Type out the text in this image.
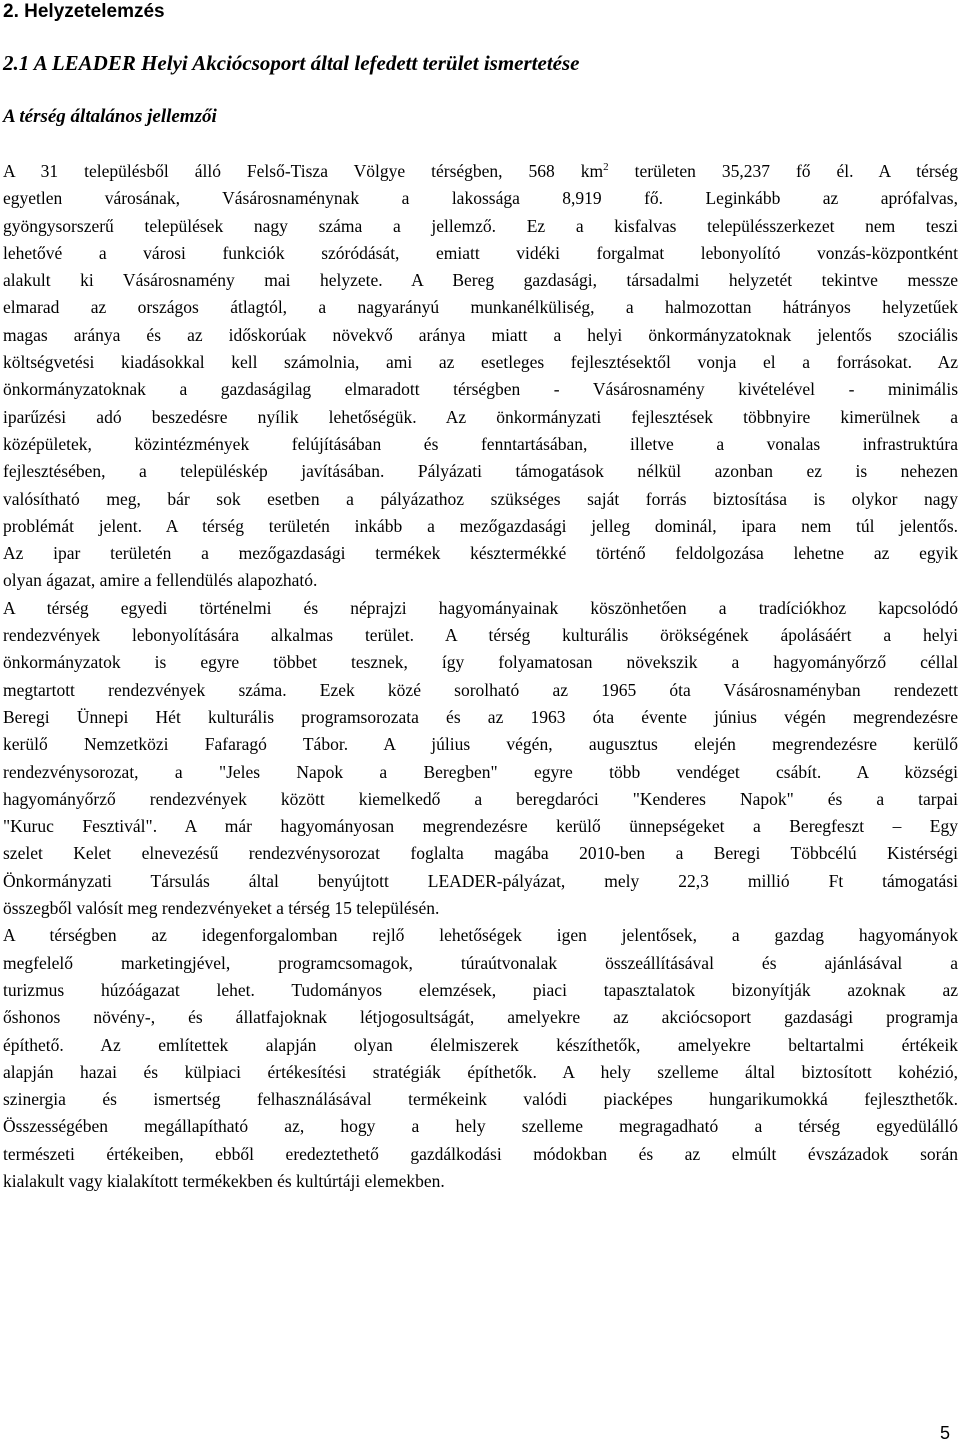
2. Helyzetelemzés
2.1 A LEADER Helyi Akciócsoport által lefedett terület ismertetése
A térség általános jellemzői
A 31 településből álló Felső-Tisza Völgye térségben, 568 $km^2$ területen 35,237 fő él. A térség
egyetlen városának, Vásárosnaménynak a lakossága 8,919 fő. Leginkább az aprófalvas,
gyöngysorszerű települések nagy száma a jellemző. Ez a kisfalvas településszerkezet nem teszi
lehetővé a városi funkciók szóródását, emiatt vidéki forgalmat lebonyolító vonzás-központként
alakult ki Vásárosnamény mai helyzete. A Bereg gazdasági, társadalmi helyzetét tekintve messze
elmarad az országos átlagtól, a nagyarányú munkanélküliség, a halmozottan hátrányos helyzetűek
magas aránya és az időskorúak növekvő aránya miatt a helyi önkormányzatoknak jelentős szociális
költségvetési kiadásokkal kell számolnia, ami az esetleges fejlesztésektől vonja el a forrásokat. Az
önkormányzatoknak a gazdaságilag elmaradott térségben - Vásárosnamény kivételével - minimális
iparűzési adó beszedésre nyílik lehetőségük. Az önkormányzati fejlesztések többnyire kimerülnek a
középületek, közintézmények felújításában és fenntartásában, illetve a vonalas infrastruktúra
fejlesztésében, a településkép javításában. Pályázati támogatások nélkül azonban ez is nehezen
valósítható meg, bár sok esetben a pályázathoz szükséges saját forrás biztosítása is olykor nagy
problémát jelent. A térség területén inkább a mezőgazdasági jelleg dominál, ipara nem túl jelentős.
Az ipar területén a mezőgazdasági termékek késztermékké történő feldolgozása lehetne az egyik
olyan ágazat, amire a fellendülés alapozható.
A térség egyedi történelmi és néprajzi hagyományainak köszönhetően a tradíciókhoz kapcsolódó
rendezvények lebonyolítására alkalmas terület. A térség kulturális örökségének ápolásáért a helyi
önkormányzatok is egyre többet tesznek, így folyamatosan növekszik a hagyományőrző céllal
megtartott rendezvények száma. Ezek közé sorolható az 1965 óta Vásárosnaményban rendezett
Beregi Ünnepi Hét kulturális programsorozata és az 1963 óta évente június végén megrendezésre
kerülő Nemzetközi Fafaragó Tábor. A július végén, augusztus elején megrendezésre kerülő
rendezvénysorozat, a "Jeles Napok a Beregben" egyre több vendéget csábít. A községi
hagyományőrző rendezvények között kiemelkedő a beregdaróci "Kenderes Napok" és a tarpai
"Kuruc Fesztivál". A már hagyományosan megrendezésre kerülő ünnepségeket a Beregfeszt – Egy
szelet Kelet elnevezésű rendezvénysorozat foglalta magába 2010-ben a Beregi Többcélú Kistérségi
Önkormányzati Társulás által benyújtott LEADER-pályázat, mely 22,3 millió Ft támogatási
összegből valósít meg rendezvényeket a térség 15 településén.
A térségben az idegenforgalomban rejlő lehetőségek igen jelentősek, a gazdag hagyományok
megfelelő marketingjével, programcsomagok, túraútvonalak összeállításával és ajánlásával a
turizmus húzóágazat lehet. Tudományos elemzések, piaci tapasztalatok bizonyítják azoknak az
őshonos növény-, és állatfajoknak létjogosultságát, amelyekre az akciócsoport gazdasági programja
építhető. Az említettek alapján olyan élelmiszerek készíthetők, amelyekre beltartalmi értékeik
alapján hazai és külpiaci értékesítési stratégiák építhetők. A hely szelleme által biztosított kohézió,
szinergia és ismertség felhasználásával termékeink valódi piacképes hungarikumokká fejleszthetők.
Összességében megállapítható az, hogy a hely szelleme megragadható a térség egyedülálló
természeti értékeiben, ebből eredeztethető gazdálkodási módokban és az elmúlt évszázadok során
kialakult vagy kialakított termékekben és kultúrtáji elemekben.
5
